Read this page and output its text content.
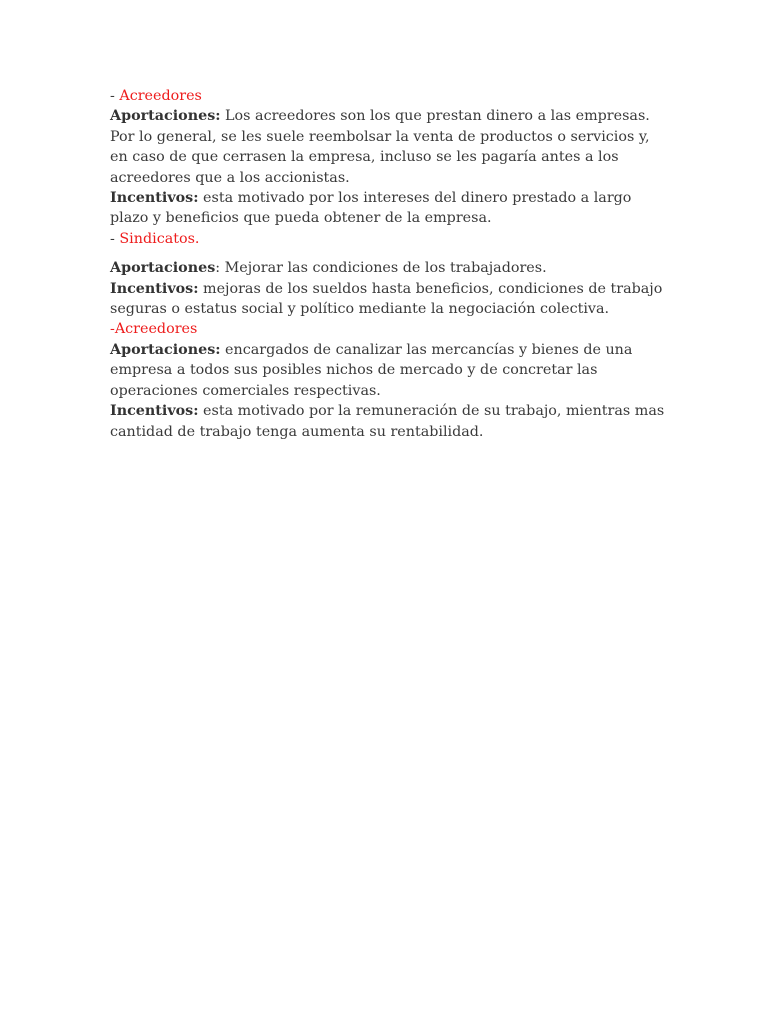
- Acreedores

Aportaciones: Los acreedores son los que prestan dinero a las empresas. Por lo general, se les suele reembolsar la venta de productos o servicios y, en caso de que cerrasen la empresa, incluso se les pagaría antes a los acreedores que a los accionistas.

Incentivos: esta motivado por los intereses del dinero prestado a largo plazo y beneficios que pueda obtener de la empresa.

- Sindicatos.

Aportaciones: Mejorar las condiciones de los trabajadores.

Incentivos: mejoras de los sueldos hasta beneficios, condiciones de trabajo seguras o estatus social y político mediante la negociación colectiva.

-Acreedores

Aportaciones: encargados de canalizar las mercancías y bienes de una empresa a todos sus posibles nichos de mercado y de concretar las operaciones comerciales respectivas.

Incentivos: esta motivado por la remuneración de su trabajo, mientras mas cantidad de trabajo tenga aumenta su rentabilidad.
